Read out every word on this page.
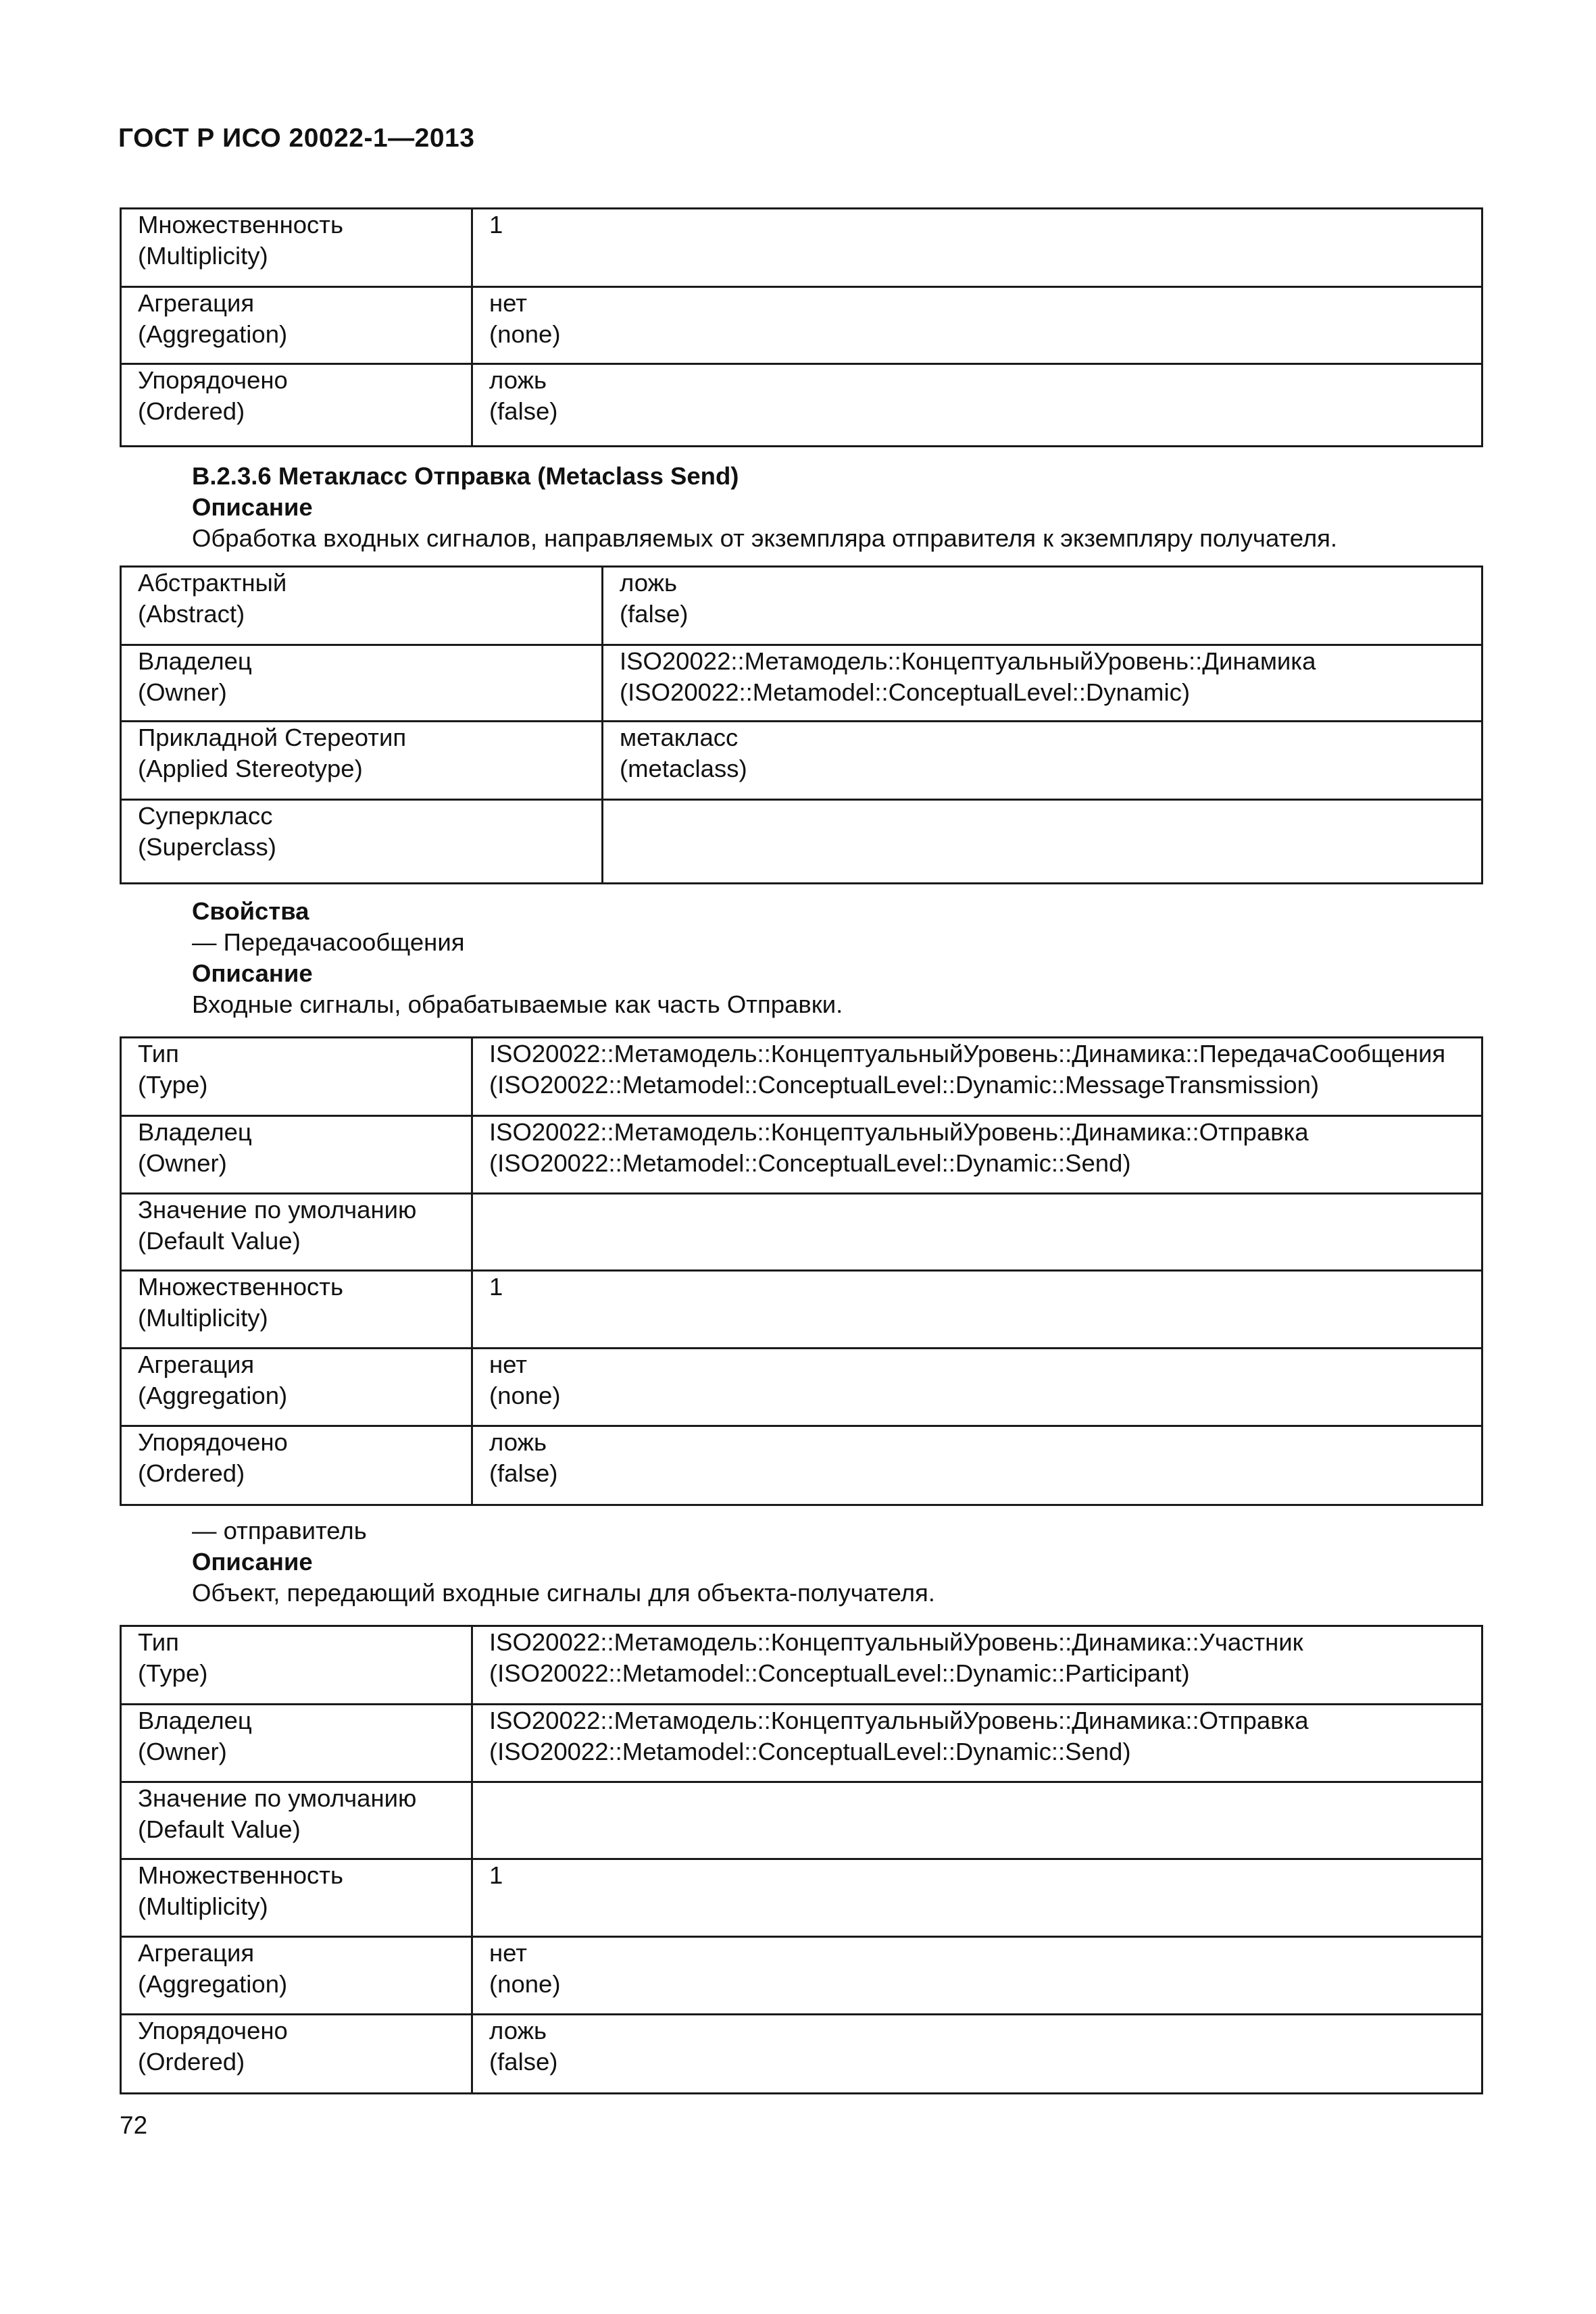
ГОСТ Р ИСО 20022-1—2013
Множественность
(Multiplicity)	1

Агрегация
(Aggregation)	нет
(none)

Упорядочено
(Ordered)	ложь
(false)
В.2.3.6 Метакласс Отправка (Metaclass Send)
Описание
Обработка входных сигналов, направляемых от экземпляра отправителя к экземпляру получателя.
Абстрактный
(Abstract)	ложь
(false)

Владелец
(Owner)	ISO20022::Метамодель::КонцептуальныйУровень::Динамика
(ISO20022::Metamodel::ConceptualLevel::Dynamic)

Прикладной Стереотип
(Applied Stereotype)	метакласс
(metaclass)

Суперкласс
(Superclass)	

Свойства
— Передачасообщения
Описание
Входные сигналы, обрабатываемые как часть Отправки.
Тип
(Type)	ISO20022::Метамодель::КонцептуальныйУровень::Динамика::ПередачаСообщения
(ISO20022::Metamodel::ConceptualLevel::Dynamic::MessageTransmission)

Владелец
(Owner)	ISO20022::Метамодель::КонцептуальныйУровень::Динамика::Отправка
(ISO20022::Metamodel::ConceptualLevel::Dynamic::Send)

Значение по умолчанию
(Default Value)	

Множественность
(Multiplicity)	1

Агрегация
(Aggregation)	нет
(none)

Упорядочено
(Ordered)	ложь
(false)
— отправитель
Описание
Объект, передающий входные сигналы для объекта-получателя.
Тип
(Type)	ISO20022::Метамодель::КонцептуальныйУровень::Динамика::Участник
(ISO20022::Metamodel::ConceptualLevel::Dynamic::Participant)

Владелец
(Owner)	ISO20022::Метамодель::КонцептуальныйУровень::Динамика::Отправка
(ISO20022::Metamodel::ConceptualLevel::Dynamic::Send)

Значение по умолчанию
(Default Value)	

Множественность
(Multiplicity)	1

Агрегация
(Aggregation)	нет
(none)

Упорядочено
(Ordered)	ложь
(false)
72
